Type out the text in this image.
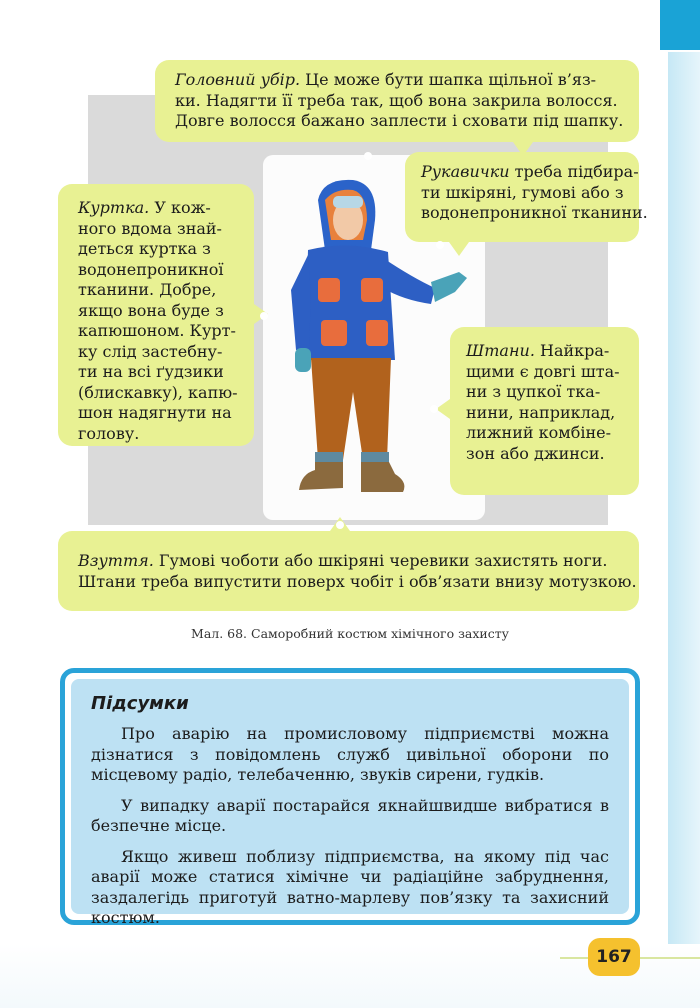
Головний убір. Це може бути шапка щільної в’яз-
ки. Надягти її треба так, щоб вона закрила волосся.
Довге волосся бажано заплести і сховати під шапку.
Рукавички треба підбира-
ти шкіряні, гумові або з
водонепроникної тканини.
Куртка. У кож-
ного вдома знай-
деться куртка з
водонепроникної
тканини. Добре,
якщо вона буде з
капюшоном. Курт-
ку слід застебну-
ти на всі ґудзики
(блискавку), капю-
шон надягнути на
голову.
Штани. Найкра-
щими є довгі шта-
ни з цупкої тка-
нини, наприклад,
лижний комбіне-
зон або джинси.
Взуття. Гумові чоботи або шкіряні черевики захистять ноги.
Штани треба випустити поверх чобіт і обв’язати внизу мотузкою.
Мал. 68. Саморобний костюм хімічного захисту
Підсумки

Про аварію на промисловому підприємстві можна дізнатися з повідомлень служб цивільної оборони по місцевому радіо, телебаченню, звуків сирени, гудків.

У випадку аварії постарайся якнайшвидше вибратися в безпечне місце.

Якщо живеш поблизу підприємства, на якому під час аварії може статися хімічне чи радіаційне забруднення, заздалегідь приготуй ватно-марлеву пов’язку та захисний костюм.

167
